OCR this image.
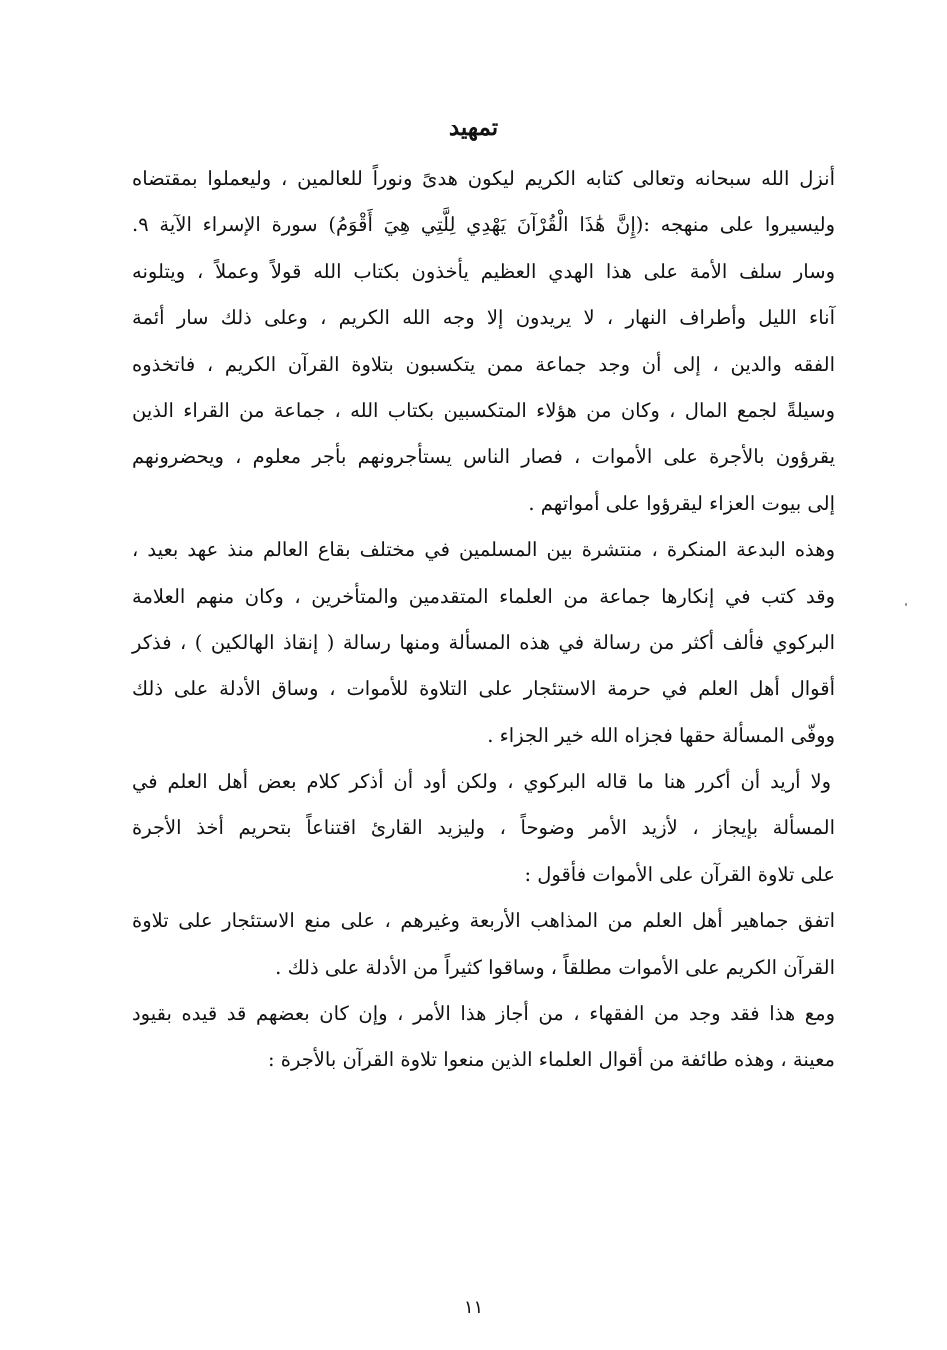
تمهيد
أنزل الله سبحانه وتعالى كتابه الكريم ليكون هدىً ونوراً للعالمين ، وليعملوا بمقتضاه
وليسيروا على منهجه :(إِنَّ هَٰذَا الْقُرْآنَ يَهْدِي لِلَّتِي هِيَ أَقْوَمُ) سورة الإسراء الآية ٩.
وسار سلف الأمة على هذا الهدي العظيم يأخذون بكتاب الله قولاً وعملاً ، ويتلونه
آناء الليل وأطراف النهار ، لا يريدون إلا وجه الله الكريم ، وعلى ذلك سار أئمة
الفقه والدين ، إلى أن وجد جماعة ممن يتكسبون بتلاوة القرآن الكريم ، فاتخذوه
وسيلةً لجمع المال ، وكان من هؤلاء المتكسبين بكتاب الله ، جماعة من القراء الذين
يقرؤون بالأجرة على الأموات ، فصار الناس يستأجرونهم بأجر معلوم ، ويحضرونهم
إلى بيوت العزاء ليقرؤوا على أمواتهم .
وهذه البدعة المنكرة ، منتشرة بين المسلمين في مختلف بقاع العالم منذ عهد بعيد ،
وقد كتب في إنكارها جماعة من العلماء المتقدمين والمتأخرين ، وكان منهم العلامة
البركوي فألف أكثر من رسالة في هذه المسألة ومنها رسالة ( إنقاذ الهالكين ) ، فذكر
أقوال أهل العلم في حرمة الاستئجار على التلاوة للأموات ، وساق الأدلة على ذلك
ووفّى المسألة حقها فجزاه الله خير الجزاء .
ولا أريد أن أكرر هنا ما قاله البركوي ، ولكن أود أن أذكر كلام بعض أهل العلم في
المسألة بإيجاز ، لأزيد الأمر وضوحاً ، وليزيد القارئ اقتناعاً بتحريم أخذ الأجرة
على تلاوة القرآن على الأموات فأقول :
اتفق جماهير أهل العلم من المذاهب الأربعة وغيرهم ، على منع الاستئجار على تلاوة
القرآن الكريم على الأموات مطلقاً ، وساقوا كثيراً من الأدلة على ذلك .
ومع هذا فقد وجد من الفقهاء ، من أجاز هذا الأمر ، وإن كان بعضهم قد قيده بقيود
معينة ، وهذه طائفة من أقوال العلماء الذين منعوا تلاوة القرآن بالأجرة :
١١
